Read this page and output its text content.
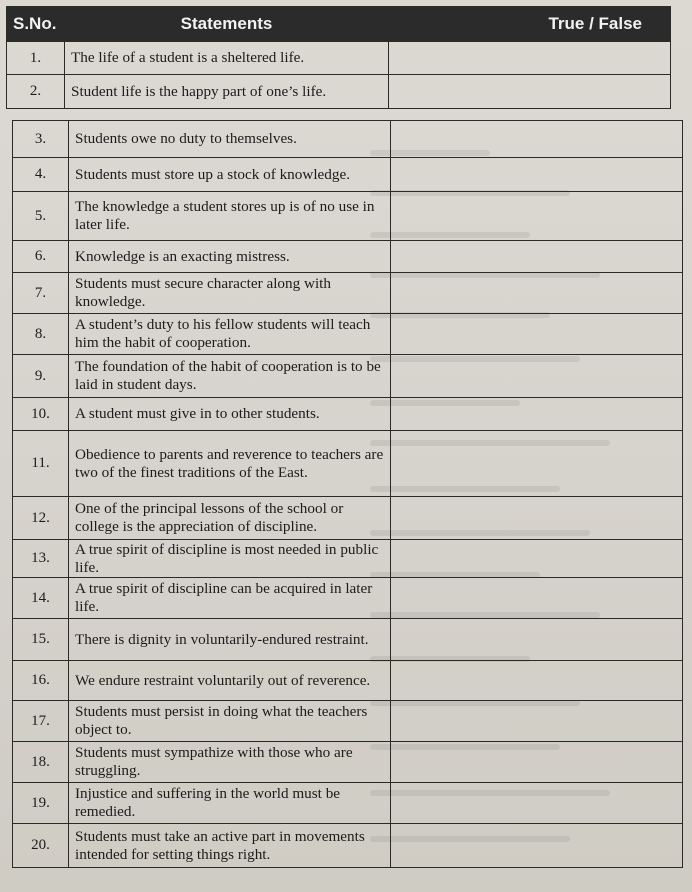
S.No.	Statements	True / False
1.	The life of a student is a sheltered life.	
2.	Student life is the happy part of one’s life.	
3.	Students owe no duty to themselves.	
4.	Students must store up a stock of knowledge.	
5.	The knowledge a student stores up is of no use in later life.	
6.	Knowledge is an exacting mistress.	
7.	Students must secure character along with knowledge.	
8.	A student’s duty to his fellow students will teach him the habit of cooperation.	
9.	The foundation of the habit of cooperation is to be laid in student days.	
10.	A student must give in to other students.	
11.	Obedience to parents and reverence to teachers are two of the finest traditions of the East.	
12.	One of the principal lessons of the school or college is the appreciation of discipline.	
13.	A true spirit of discipline is most needed in public life.	
14.	A true spirit of discipline can be acquired in later life.	
15.	There is dignity in voluntarily-endured restraint.	
16.	We endure restraint voluntarily out of reverence.	
17.	Students must persist in doing what the teachers object to.	
18.	Students must sympathize with those who are struggling.	
19.	Injustice and suffering in the world must be remedied.	
20.	Students must take an active part in movements intended for setting things right.	
